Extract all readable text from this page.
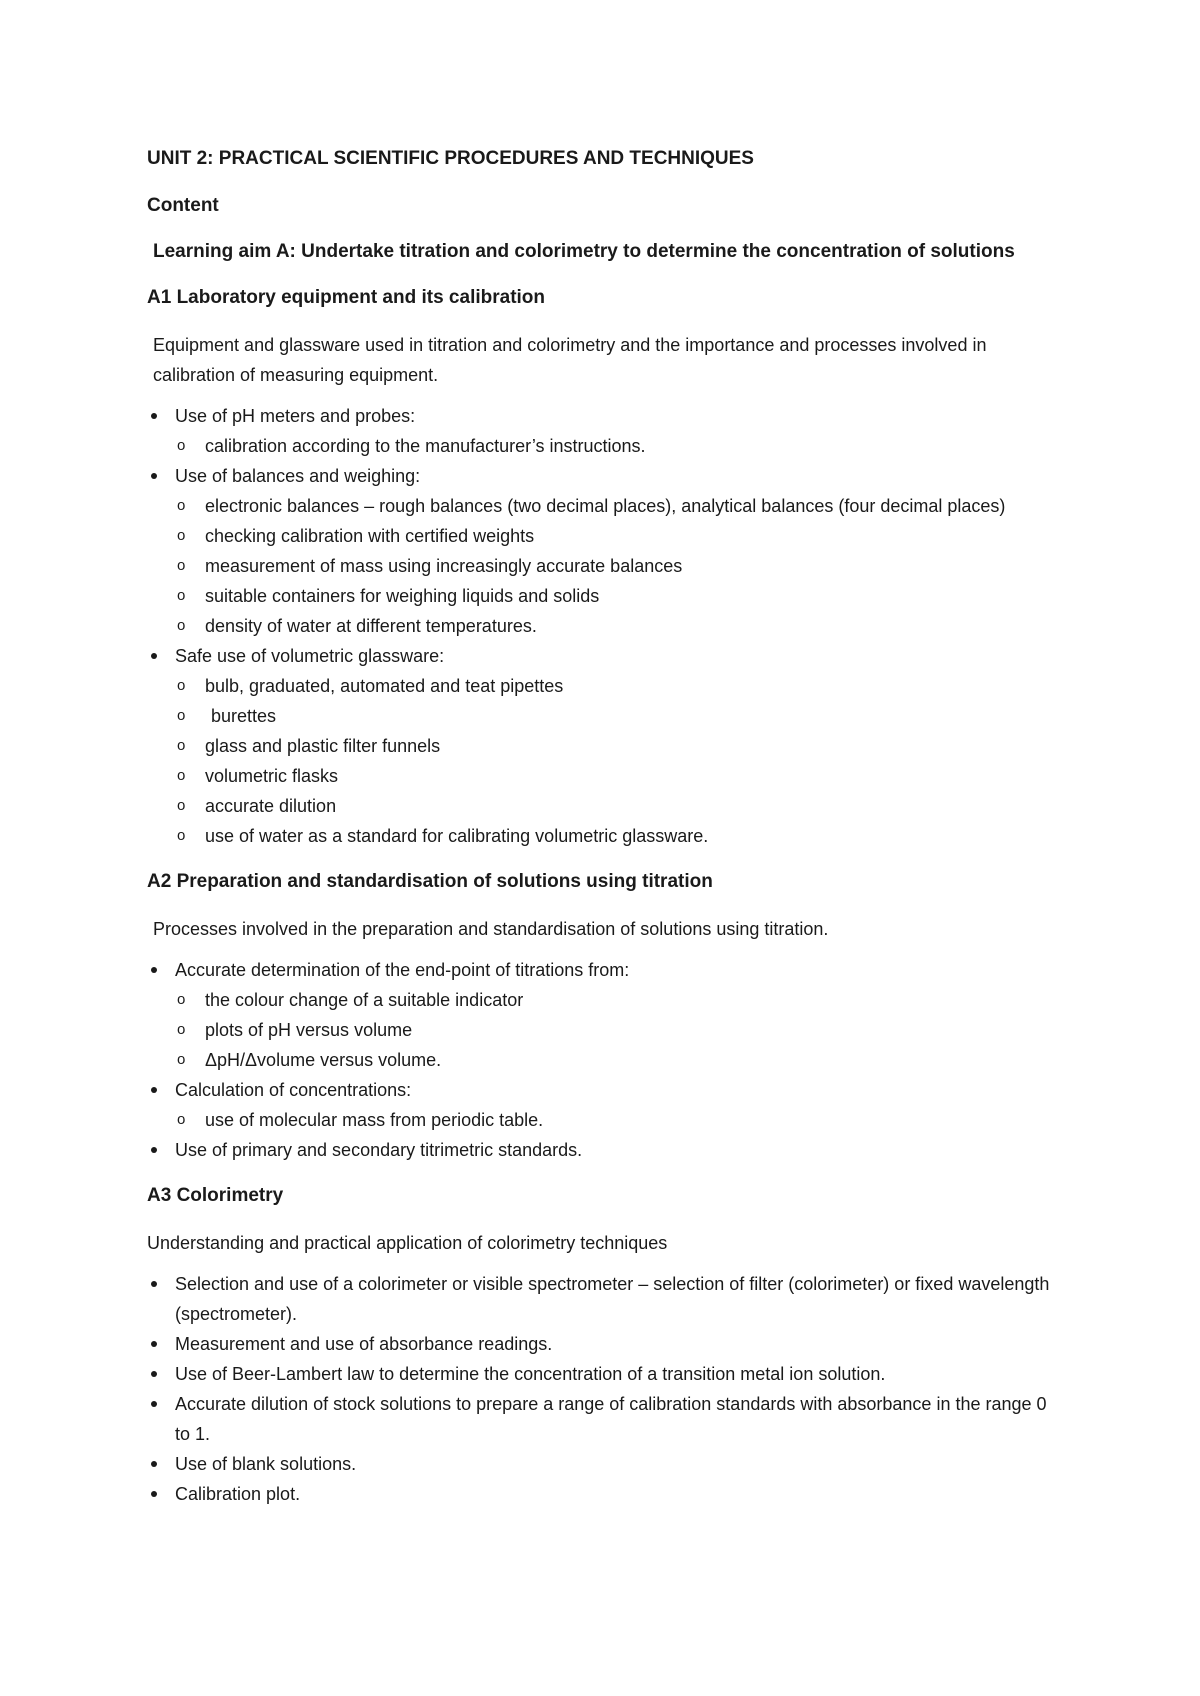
UNIT 2: PRACTICAL SCIENTIFIC PROCEDURES AND TECHNIQUES
Content
Learning aim A: Undertake titration and colorimetry to determine the concentration of solutions
A1 Laboratory equipment and its calibration

Equipment and glassware used in titration and colorimetry and the importance and processes involved in calibration of measuring equipment.

Use of pH meters and probes:
o calibration according to the manufacturer’s instructions.
Use of balances and weighing:
o electronic balances – rough balances (two decimal places), analytical balances (four decimal places)
o checking calibration with certified weights
o measurement of mass using increasingly accurate balances
o suitable containers for weighing liquids and solids
o density of water at different temperatures.
Safe use of volumetric glassware:
o bulb, graduated, automated and teat pipettes
o burettes
o glass and plastic filter funnels
o volumetric flasks
o accurate dilution
o use of water as a standard for calibrating volumetric glassware.
A2 Preparation and standardisation of solutions using titration

Processes involved in the preparation and standardisation of solutions using titration.

Accurate determination of the end-point of titrations from:
o the colour change of a suitable indicator
o plots of pH versus volume
o ΔpH/Δvolume versus volume.
Calculation of concentrations:
o use of molecular mass from periodic table.
Use of primary and secondary titrimetric standards.
A3 Colorimetry

Understanding and practical application of colorimetry techniques

Selection and use of a colorimeter or visible spectrometer – selection of filter (colorimeter) or fixed wavelength (spectrometer).
Measurement and use of absorbance readings.
Use of Beer-Lambert law to determine the concentration of a transition metal ion solution.
Accurate dilution of stock solutions to prepare a range of calibration standards with absorbance in the range 0 to 1.
Use of blank solutions.
Calibration plot.
